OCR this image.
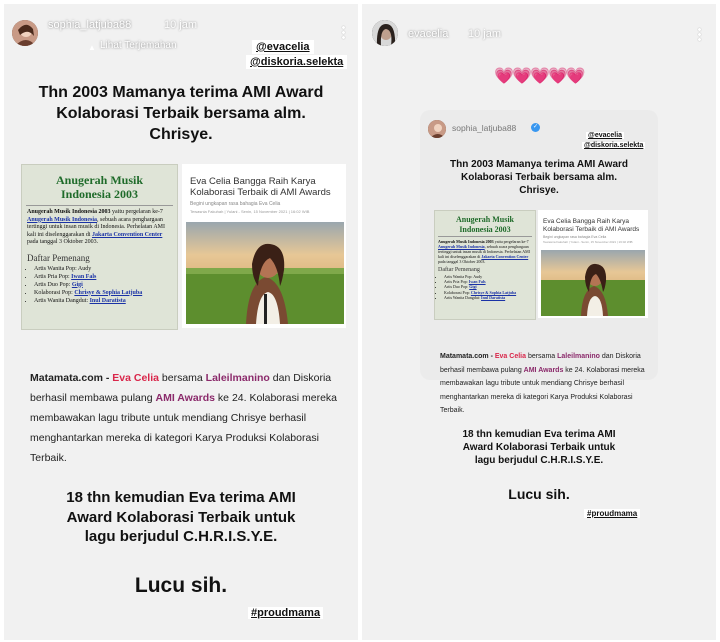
sophia_latjuba88	10 jam
▲ Lihat Terjemahan	@evacelia
@diskoria.selekta
Thn 2003 Mamanya terima AMI Award
Kolaborasi Terbaik bersama alm.
Chrisye.
Anugerah Musik
Indonesia 2003
Anugerah Musik Indonesia 2003 yaitu pergelaran ke-7 Anugerah Musik Indonesia, sebuah acara penghargaan tertinggi untuk insan musik di Indonesia. Perhelatan AMI kali ini diselenggarakan di Jakarta Convention Center pada tanggal 3 Oktober 2003.
Daftar Pemenang
• Artis Wanita Pop: Audy
• Artis Pria Pop: Iwan Fals
• Artis Duo Pop: Gigi
• Kolaborasi Pop: Chrisye & Sophia Latjuba
• Artis Wanita Dangdut: Inul Daratista
Eva Celia Bangga Raih Karya Kolaborasi Terbaik di AMI Awards
Begini ungkapan rasa bahagia Eva Celia
Tewasnia Fakuhah | Yulani - Senin, 15 November 2021 | 16:02 WIB
Matamata.com - Eva Celia bersama Laleilmanino dan Diskoria berhasil membawa pulang AMI Awards ke 24. Kolaborasi mereka membawakan lagu tribute untuk mendiang Chrisye berhasil menghantarkan mereka di kategori Karya Produksi Kolaborasi Terbaik.
18 thn kemudian Eva terima AMI
Award Kolaborasi Terbaik untuk
lagu berjudul C.H.R.I.S.Y.E.
Lucu sih.
#proudmama
evacelia 10 jam
💗💗💗💗💗
sophia_latjuba88	✓
@evacelia
@diskoria.selekta
Thn 2003 Mamanya terima AMI Award
Kolaborasi Terbaik bersama alm.
Chrisye.
Anugerah Musik
Indonesia 2003
Anugerah Musik Indonesia 2003 yaitu pergelaran ke-7 Anugerah Musik Indonesia, sebuah acara penghargaan tertinggi untuk insan musik di Indonesia. Perhelatan AMI kali ini diselenggarakan di Jakarta Convention Center pada tanggal 3 Oktober 2003.
Daftar Pemenang
• Artis Wanita Pop: Audy
• Artis Pria Pop: Iwan Fals
• Artis Duo Pop: Gigi
• Kolaborasi Pop: Chrisye & Sophia Latjuba
• Artis Wanita Dangdut: Inul Daratista
Eva Celia Bangga Raih Karya Kolaborasi Terbaik di AMI Awards
Begini ungkapan rasa bahagia Eva Celia
Tewasnia Fakuhah | Yulani - Senin, 15 November 2021 | 16:02 WIB
Matamata.com - Eva Celia bersama Laleilmanino dan Diskoria berhasil membawa pulang AMI Awards ke 24. Kolaborasi mereka membawakan lagu tribute untuk mendiang Chrisye berhasil menghantarkan mereka di kategori Karya Produksi Kolaborasi Terbaik.
18 thn kemudian Eva terima AMI
Award Kolaborasi Terbaik untuk
lagu berjudul C.H.R.I.S.Y.E.
Lucu sih.
#proudmama
